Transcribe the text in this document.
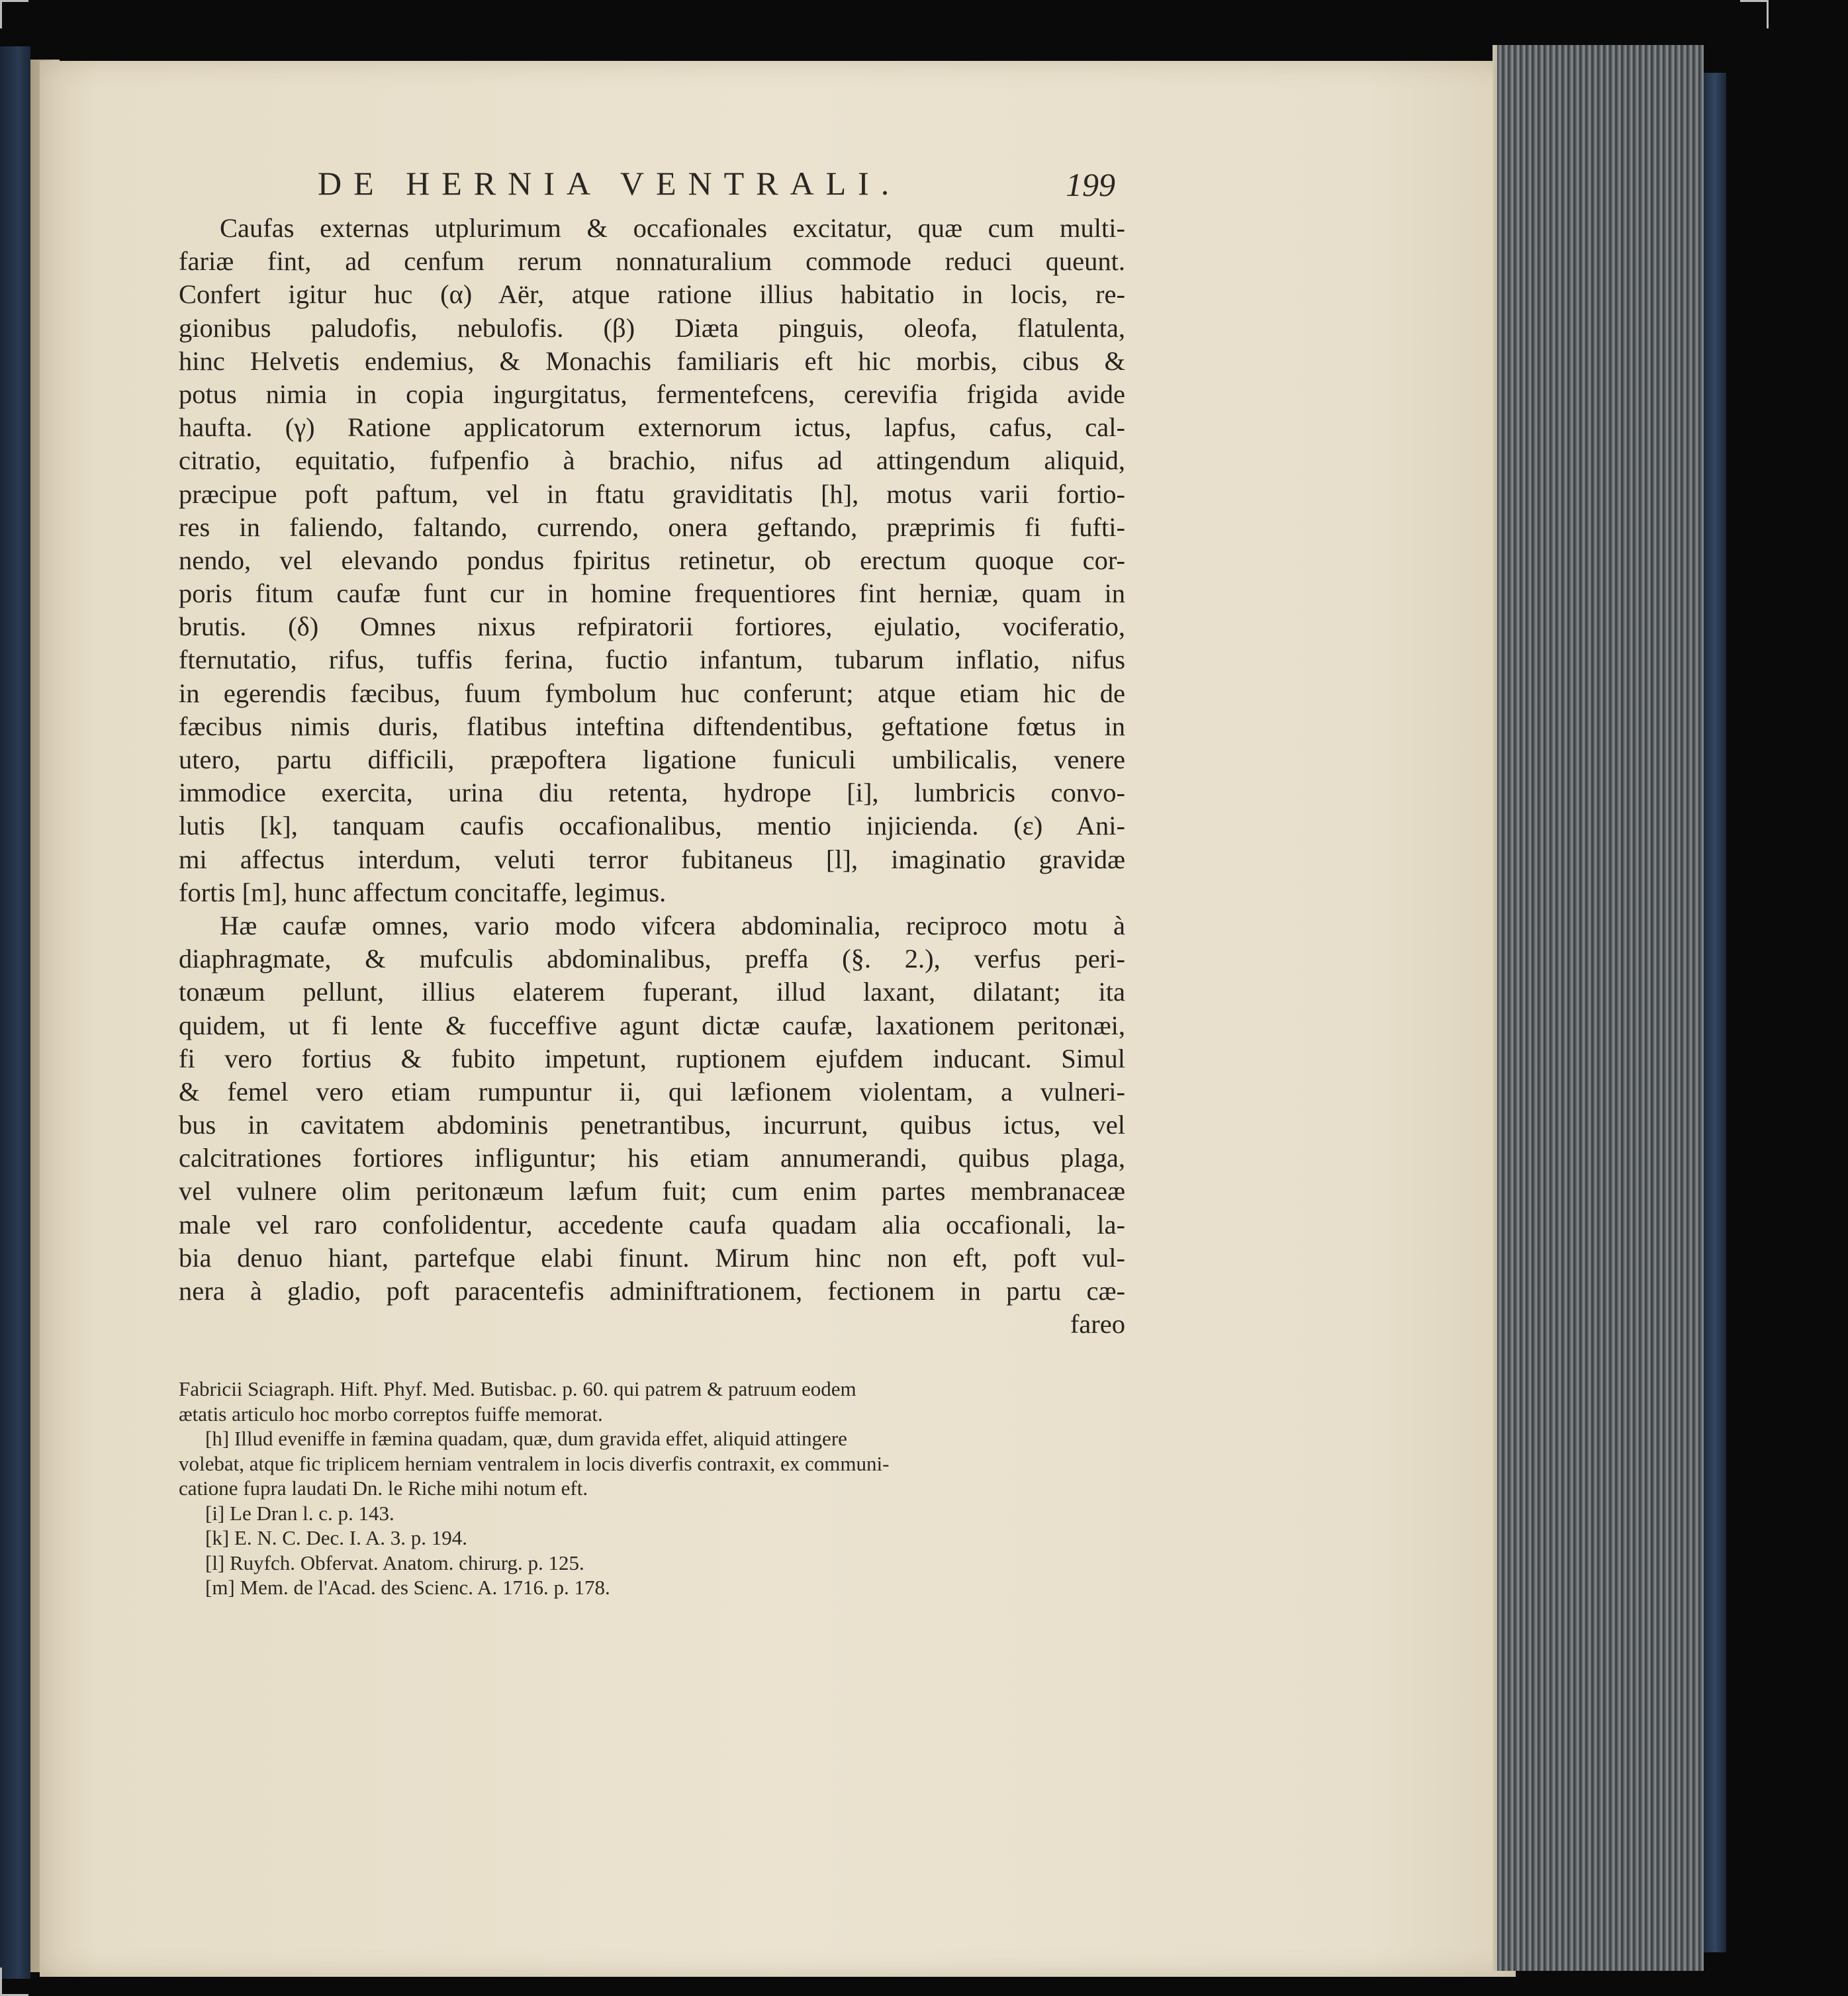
DE HERNIA VENTRALI.	199
Caufas externas utplurimum & occafionales excitatur, quæ cum multi-
fariæ fint, ad cenfum rerum nonnaturalium commode reduci queunt.
Confert igitur huc (α) Aër, atque ratione illius habitatio in locis, re-
gionibus paludofis, nebulofis. (β) Diæta pinguis, oleofa, flatulenta,
hinc Helvetis endemius, & Monachis familiaris eft hic morbis, cibus &
potus nimia in copia ingurgitatus, fermentefcens, cerevifia frigida avide
haufta. (γ) Ratione applicatorum externorum ictus, lapfus, cafus, cal-
citratio, equitatio, fufpenfio à brachio, nifus ad attingendum aliquid,
præcipue poft paftum, vel in ftatu graviditatis [h], motus varii fortio-
res in faliendo, faltando, currendo, onera geftando, præprimis fi fufti-
nendo, vel elevando pondus fpiritus retinetur, ob erectum quoque cor-
poris fitum caufæ funt cur in homine frequentiores fint herniæ, quam in
brutis. (δ) Omnes nixus refpiratorii fortiores, ejulatio, vociferatio,
fternutatio, rifus, tuffis ferina, fuctio infantum, tubarum inflatio, nifus
in egerendis fæcibus, fuum fymbolum huc conferunt; atque etiam hic de
fæcibus nimis duris, flatibus inteftina diftendentibus, geftatione fœtus in
utero, partu difficili, præpoftera ligatione funiculi umbilicalis, venere
immodice exercita, urina diu retenta, hydrope [i], lumbricis convo-
lutis [k], tanquam caufis occafionalibus, mentio injicienda. (ε) Ani-
mi affectus interdum, veluti terror fubitaneus [l], imaginatio gravidæ
fortis [m], hunc affectum concitaffe, legimus.
Hæ caufæ omnes, vario modo vifcera abdominalia, reciproco motu à
diaphragmate, & mufculis abdominalibus, preffa (§. 2.), verfus peri-
tonæum pellunt, illius elaterem fuperant, illud laxant, dilatant; ita
quidem, ut fi lente & fucceffive agunt dictæ caufæ, laxationem peritonæi,
fi vero fortius & fubito impetunt, ruptionem ejufdem inducant. Simul
& femel vero etiam rumpuntur ii, qui læfionem violentam, a vulneri-
bus in cavitatem abdominis penetrantibus, incurrunt, quibus ictus, vel
calcitrationes fortiores infliguntur; his etiam annumerandi, quibus plaga,
vel vulnere olim peritonæum læfum fuit; cum enim partes membranaceæ
male vel raro confolidentur, accedente caufa quadam alia occafionali, la-
bia denuo hiant, partefque elabi finunt. Mirum hinc non eft, poft vul-
nera à gladio, poft paracentefis adminiftrationem, fectionem in partu cæ-
fareo
Fabricii Sciagraph. Hift. Phyf. Med. Butisbac. p. 60. qui patrem & patruum eodem
ætatis articulo hoc morbo correptos fuiffe memorat.
[h] Illud eveniffe in fæmina quadam, quæ, dum gravida effet, aliquid attingere
volebat, atque fic triplicem herniam ventralem in locis diverfis contraxit, ex communi-
catione fupra laudati Dn. le Riche mihi notum eft.
[i] Le Dran l. c. p. 143.
[k] E. N. C. Dec. I. A. 3. p. 194.
[l] Ruyfch. Obfervat. Anatom. chirurg. p. 125.
[m] Mem. de l'Acad. des Scienc. A. 1716. p. 178.
